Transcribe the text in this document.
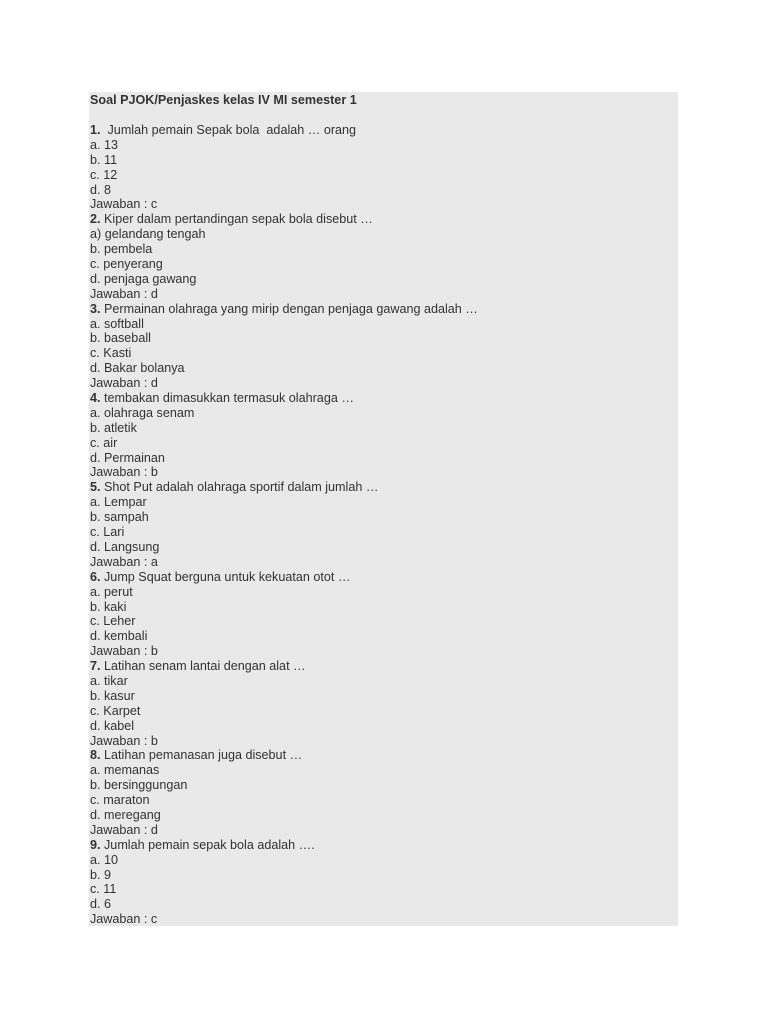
Soal PJOK/Penjaskes kelas IV MI semester 1
1.  Jumlah pemain Sepak bola  adalah … orang
a. 13
b. 11
c. 12
d. 8
Jawaban : c
2. Kiper dalam pertandingan sepak bola disebut …
a) gelandang tengah
b. pembela
c. penyerang
d. penjaga gawang
Jawaban : d
3. Permainan olahraga yang mirip dengan penjaga gawang adalah …
a. softball
b. baseball
c. Kasti
d. Bakar bolanya
Jawaban : d
4. tembakan dimasukkan termasuk olahraga …
a. olahraga senam
b. atletik
c. air
d. Permainan
Jawaban : b
5. Shot Put adalah olahraga sportif dalam jumlah …
a. Lempar
b. sampah
c. Lari
d. Langsung
Jawaban : a
6. Jump Squat berguna untuk kekuatan otot …
a. perut
b. kaki
c. Leher
d. kembali
Jawaban : b
7. Latihan senam lantai dengan alat …
a. tikar
b. kasur
c. Karpet
d. kabel
Jawaban : b
8. Latihan pemanasan juga disebut …
a. memanas
b. bersinggungan
c. maraton
d. meregang
Jawaban : d
9. Jumlah pemain sepak bola adalah ….
a. 10
b. 9
c. 11
d. 6
Jawaban : c
